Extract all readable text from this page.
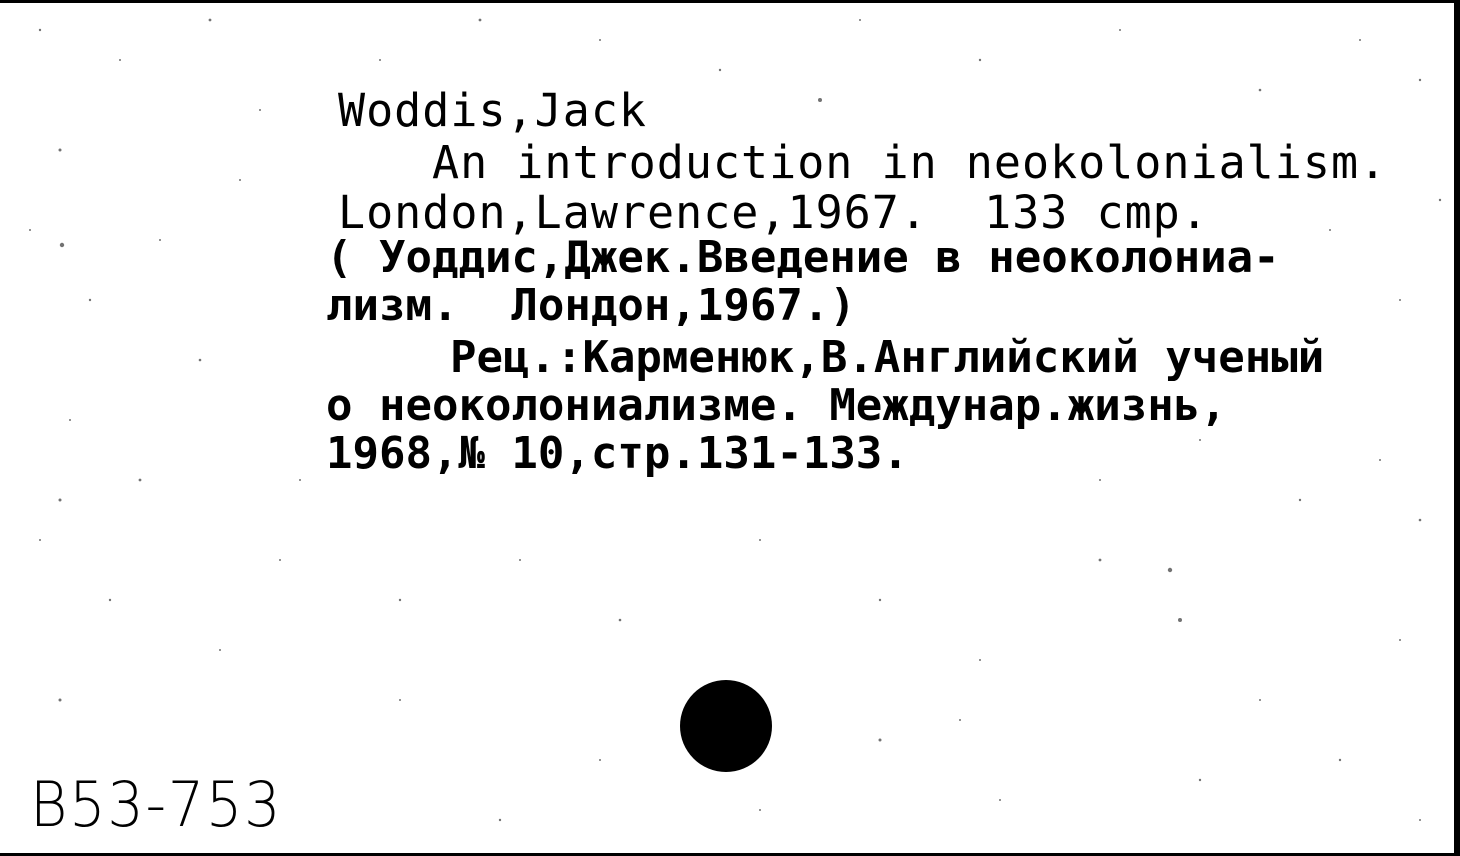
Woddis,Jack
An introduction in neokolonialism.
London,Lawrence,1967.  133 cmp.
( Уоддис,Джек.Введение в неоколониа-
лизм.  Лондон,1967.)
Рец.:Карменюк,В.Английский ученый
о неоколониализме. Междунар.жизнь,
1968,№ 10,стр.131-133.
B53-753
